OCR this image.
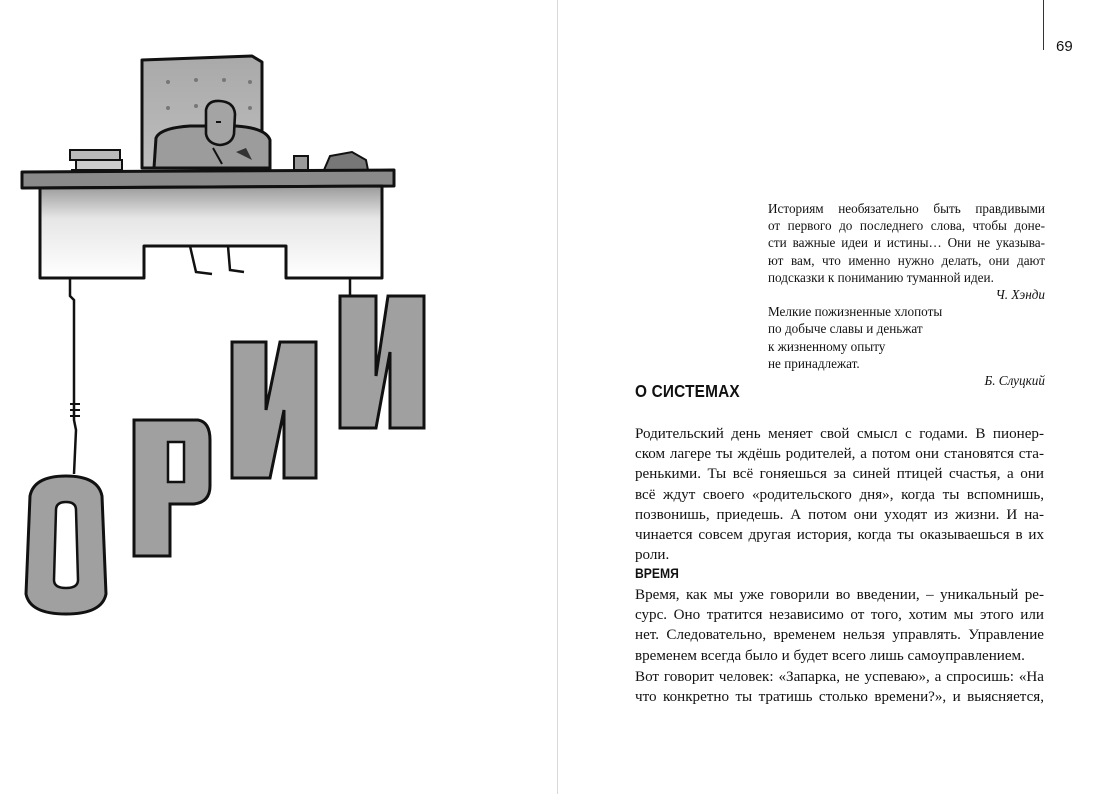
69
Историям необязательно быть правдивыми
от первого до последнего слова, чтобы доне-
сти важные идеи и истины… Они не указыва-
ют вам, что именно нужно делать, они дают
подсказки к пониманию туманной идеи.
Ч. Хэнди
Мелкие пожизненные хлопоты
по добыче славы и деньжат
к жизненному опыту
не принадлежат.
Б. Слуцкий
О СИСТЕМАХ
Родительский день меняет свой смысл с годами. В пионер-
ском лагере ты ждёшь родителей, а потом они становятся ста-
ренькими. Ты всё гоняешься за синей птицей счастья, а они
всё ждут своего «родительского дня», когда ты вспомнишь,
позвонишь, приедешь. А потом они уходят из жизни. И на-
чинается совсем другая история, когда ты оказываешься в их
роли.
ВРЕМЯ
Время, как мы уже говорили во введении, – уникальный ре-
сурс. Оно тратится независимо от того, хотим мы этого или
нет. Следовательно, временем нельзя управлять. Управление
временем всегда было и будет всего лишь самоуправлением.
Вот говорит человек: «Запарка, не успеваю», а спросишь: «На
что конкретно ты тратишь столько времени?», и выясняется,
